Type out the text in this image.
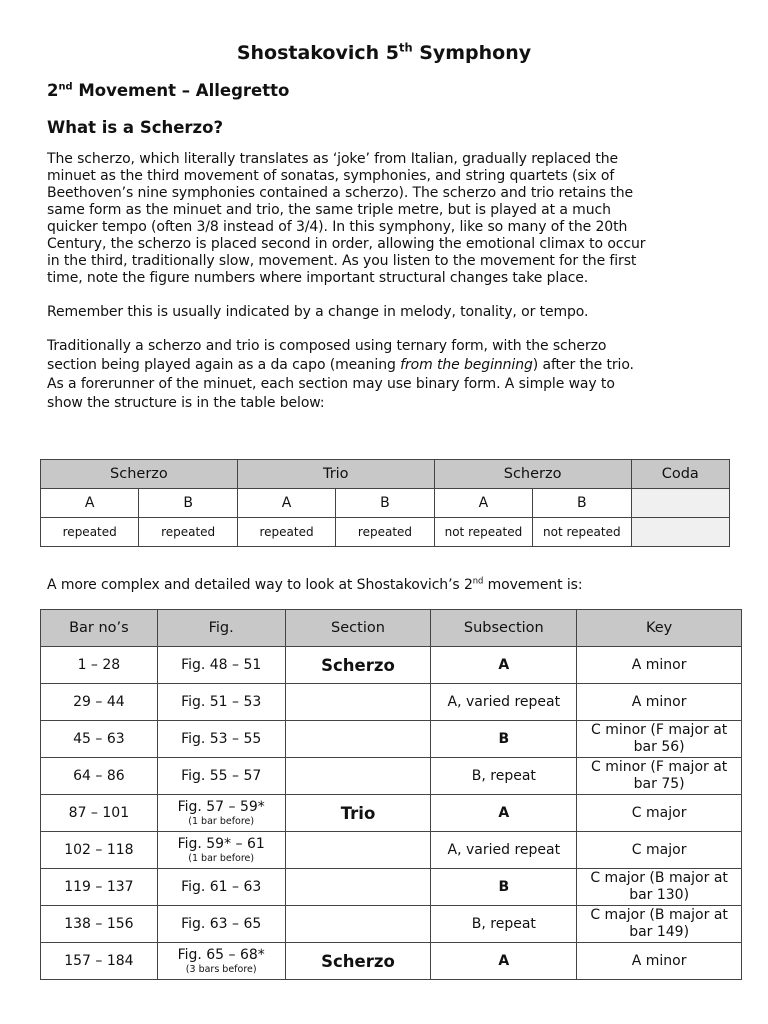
Shostakovich 5th Symphony
2nd Movement – Allegretto
What is a Scherzo?
The scherzo, which literally translates as ‘joke’ from Italian, gradually replaced the
minuet as the third movement of sonatas, symphonies, and string quartets (six of
Beethoven’s nine symphonies contained a scherzo). The scherzo and trio retains the
same form as the minuet and trio, the same triple metre, but is played at a much
quicker tempo (often 3/8 instead of 3/4). In this symphony, like so many of the 20th
Century, the scherzo is placed second in order, allowing the emotional climax to occur
in the third, traditionally slow, movement. As you listen to the movement for the first
time, note the figure numbers where important structural changes take place.
Remember this is usually indicated by a change in melody, tonality, or tempo.
Traditionally a scherzo and trio is composed using ternary form, with the scherzo
section being played again as a da capo (meaning from the beginning) after the trio.
As a forerunner of the minuet, each section may use binary form. A simple way to
show the structure is in the table below:
Scherzo		Trio		Scherzo		Coda
A	B	A	B	A	B	
repeated	repeated	repeated	repeated	not repeated	not repeated	
A more complex and detailed way to look at Shostakovich’s 2nd movement is:
Bar no’s	Fig.	Section	Subsection	Key
1 – 28	Fig. 48 – 51	Scherzo	A	A minor
29 – 44	Fig. 51 – 53		A, varied repeat	A minor
45 – 63	Fig. 53 – 55		B	C minor (F major at bar 56)
64 – 86	Fig. 55 – 57		B, repeat	C minor (F major at bar 75)
87 – 101	Fig. 57 – 59*
(1 bar before)	Trio	A	C major
102 – 118	Fig. 59* – 61
(1 bar before)		A, varied repeat	C major
119 – 137	Fig. 61 – 63		B	C major (B major at bar 130)
138 – 156	Fig. 63 – 65		B, repeat	C major (B major at bar 149)
157 – 184	Fig. 65 – 68*
(3 bars before)	Scherzo	A	A minor
